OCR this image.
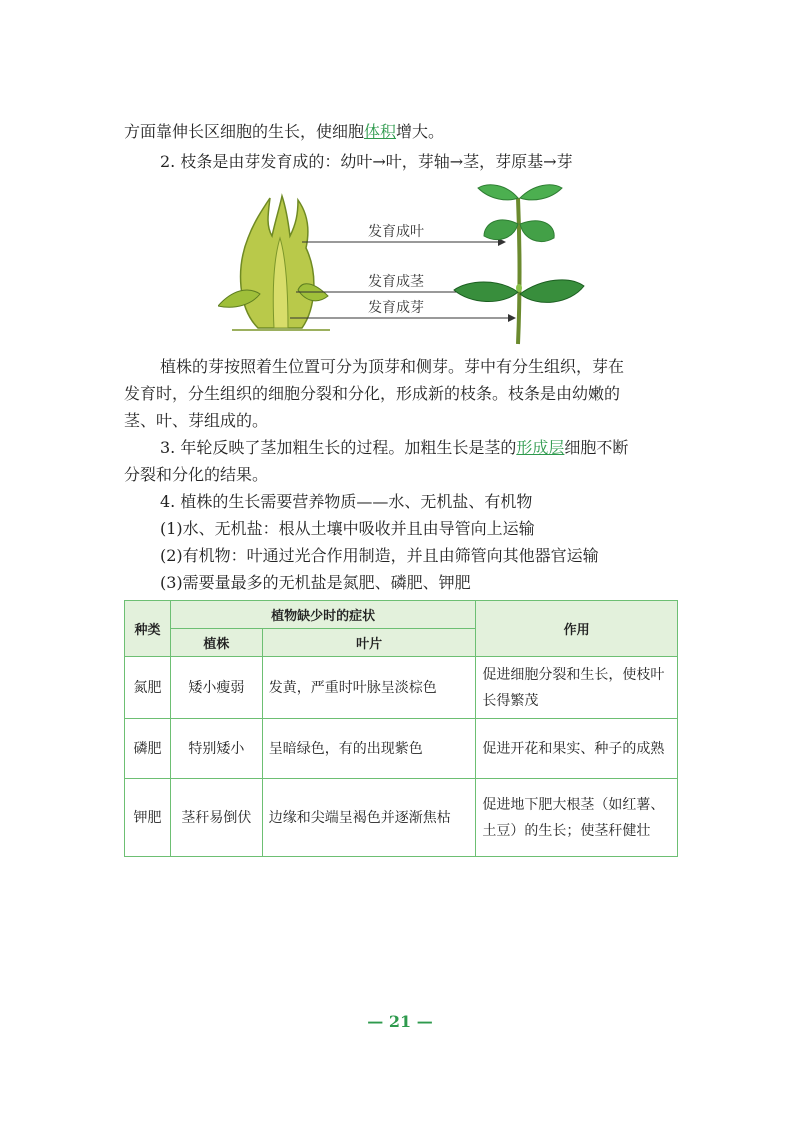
方面靠伸长区细胞的生长，使细胞体积增大。
2. 枝条是由芽发育成的：幼叶→叶，芽轴→茎，芽原基→芽
发育成叶
发育成茎
发育成芽
植株的芽按照着生位置可分为顶芽和侧芽。芽中有分生组织，芽在
发育时，分生组织的细胞分裂和分化，形成新的枝条。枝条是由幼嫩的
茎、叶、芽组成的。
3. 年轮反映了茎加粗生长的过程。加粗生长是茎的形成层细胞不断
分裂和分化的结果。
4. 植株的生长需要营养物质——水、无机盐、有机物
(1)水、无机盐：根从土壤中吸收并且由导管向上运输
(2)有机物：叶通过光合作用制造，并且由筛管向其他器官运输
(3)需要量最多的无机盐是氮肥、磷肥、钾肥
种类	植物缺少时的症状		作用
	植株	叶片	
氮肥	矮小瘦弱	发黄，严重时叶脉呈淡棕色	促进细胞分裂和生长，使枝叶长得繁茂
磷肥	特别矮小	呈暗绿色，有的出现紫色	促进开花和果实、种子的成熟
钾肥	茎秆易倒伏	边缘和尖端呈褐色并逐渐焦枯	促进地下肥大根茎（如红薯、土豆）的生长；使茎秆健壮
— 21 —
